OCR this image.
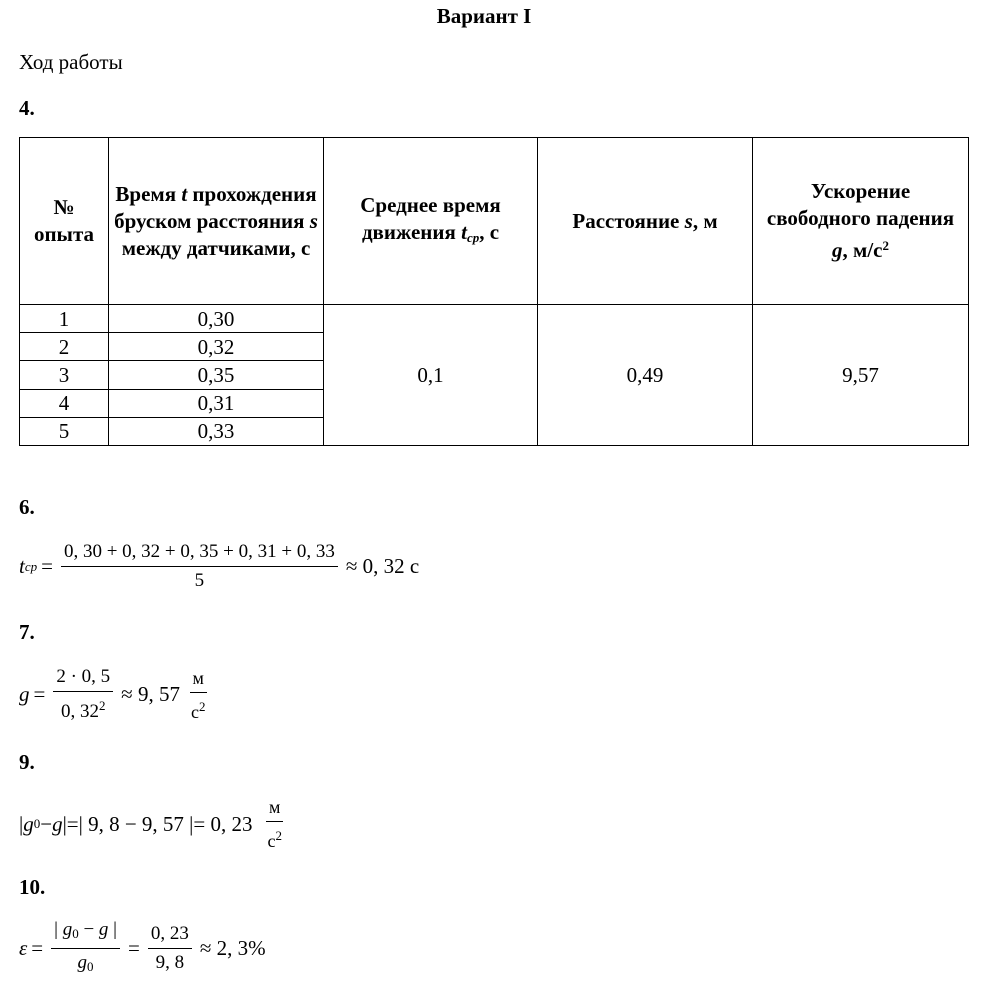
Вариант I
Ход работы
4.
№ опыта	Время t прохождения бруском расстояния s между датчиками, с	Среднее время движения $t_{ср}$, с	Расстояние s, м	Ускорение свободного падения g, $м/с^2$
1	0,30	0,1	0,49	9,57
2	0,32			
3	0,35			
4	0,31			
5	0,33			
6.
t ср = $\frac{0, 30 + 0, 32 + 0, 35 + 0, 31 + 0, 33}{5} \approx 0$, 32 с
7.
$g = \frac{2 \cdot 0, 5}{0, 32^2} \approx 9$, $57 \frac{м}{с^2}$
9.
| g 0 − g |=| 9, 8 − 9, 57 |= 0, $23 \frac{м}{с^2}$
10.
$\varepsilon = \frac{| g_0 - g |}{g_0} = \frac{0, 23}{9, 8} \approx 2$, 3%
